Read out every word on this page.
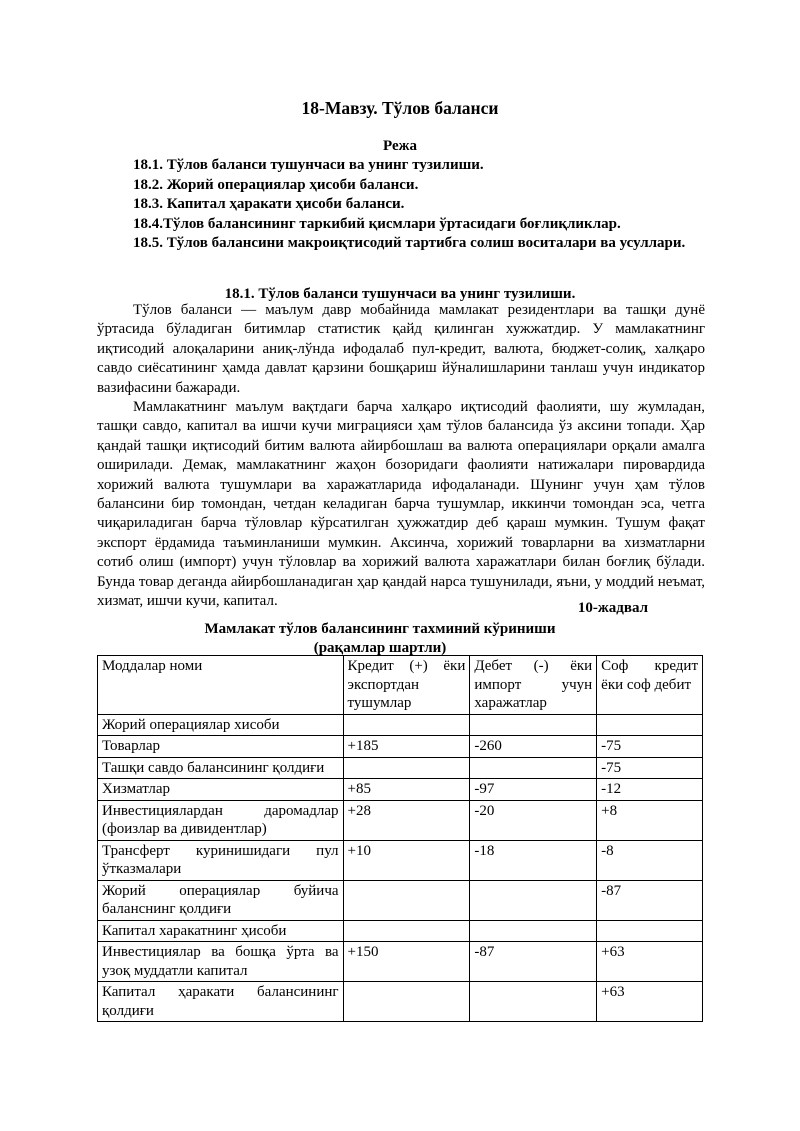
18-Мавзу. Тўлов баланси
Режа
18.1. Тўлов баланси тушунчаси ва унинг тузилиши.
18.2. Жорий операциялар ҳисоби баланси.
18.3. Капитал ҳаракати ҳисоби баланси.
18.4.Тўлов балансининг таркибий қисмлари ўртасидаги боғлиқликлар.
18.5. Тўлов балансини макроиқтисодий тартибга солиш воситалари ва усуллари.
18.1. Тўлов баланси тушунчаси ва унинг тузилиши.

Тўлов баланси — маълум давр мобайнида мамлакат резидентлари ва ташқи дунё ўртасида бўладиган битимлар статистик қайд қилинган хужжатдир. У мамлакатнинг иқтисодий алоқаларини аниқ-лўнда ифодалаб пул-кредит, валюта, бюджет-солиқ, халқаро савдо сиёсатининг ҳамда давлат қарзини бошқариш йўналишларини танлаш учун индикатор вазифасини бажаради.

Мамлакатнинг маълум вақтдаги барча халқаро иқтисодий фаолияти, шу жумладан, ташқи савдо, капитал ва ишчи кучи миграцияси ҳам тўлов балансида ўз аксини топади. Ҳар қандай ташқи иқтисодий битим валюта айирбошлаш ва валюта операциялари орқали амалга оширилади. Демак, мамлакатнинг жаҳон бозоридаги фаолияти натижалари пировардида хорижий валюта тушумлари ва харажатларида ифодаланади. Шунинг учун ҳам тўлов балансини бир томондан, четдан келадиган барча тушумлар, иккинчи томондан эса, четга чиқариладиган барча тўловлар кўрсатилган ҳужжатдир деб қараш мумкин. Тушум фақат экспорт ёрдамида таъминланиши мумкин. Аксинча, хорижий товарларни ва хизматларни сотиб олиш (импорт) учун тўловлар ва хорижий валюта харажатлари билан боғлиқ бўлади. Бунда товар деганда айирбошланадиган ҳар қандай нарса тушунилади, яъни, у моддий неъмат, хизмат, ишчи кучи, капитал.	10-жадвал
Мамлакат тўлов балансининг тахминий кўриниши
(рақамлар шартли)
Моддалар номи	Кредит (+) ёки экспортдан тушумлар	Дебет (-) ёки импорт учун харажатлар	Соф кредит ёки соф дебит
Жорий операциялар хисоби			
Товарлар	+185	-260	-75
Ташқи савдо балансининг қолдиғи			-75
Хизматлар	+85	-97	-12
Инвестициялардан даромадлар (фоизлар ва дивидентлар)	+28	-20	+8
Трансферт куринишидаги пул ўтказмалари	+10	-18	-8
Жорий операциялар буйича баланснинг қолдиғи			-87
Капитал харакатнинг ҳисоби			
Инвестициялар ва бошқа ўрта ва узоқ муддатли капитал	+150	-87	+63
Капитал ҳаракати балансининг қолдиғи			+63
